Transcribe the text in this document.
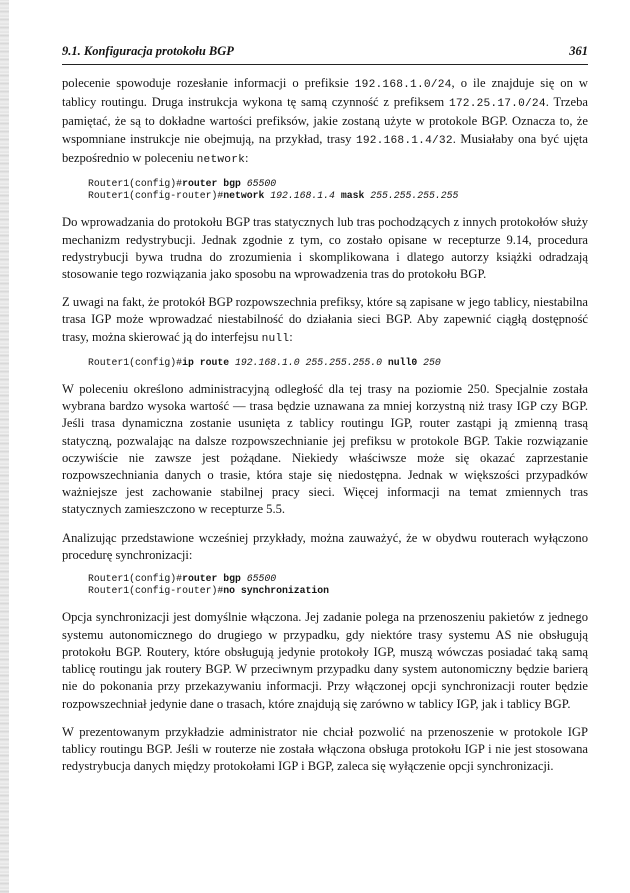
9.1. Konfiguracja protokołu BGP	361

polecenie spowoduje rozesłanie informacji o prefiksie 192.168.1.0/24, o ile znajduje się on w tablicy routingu. Druga instrukcja wykona tę samą czynność z prefiksem 172.25.17.0/24. Trzeba pamiętać, że są to dokładne wartości prefiksów, jakie zostaną użyte w protokole BGP. Oznacza to, że wspomniane instrukcje nie obejmują, na przykład, trasy 192.168.1.4/32. Musiałaby ona być ujęta bezpośrednio w poleceniu network:

Router1(config)#router bgp 65500
Router1(config-router)#network 192.168.1.4 mask 255.255.255.255

Do wprowadzania do protokołu BGP tras statycznych lub tras pochodzących z innych protokołów służy mechanizm redystrybucji. Jednak zgodnie z tym, co zostało opisane w recepturze 9.14, procedura redystrybucji bywa trudna do zrozumienia i skomplikowana i dlatego autorzy książki odradzają stosowanie tego rozwiązania jako sposobu na wprowadzenia tras do protokołu BGP.

Z uwagi na fakt, że protokół BGP rozpowszechnia prefiksy, które są zapisane w jego tablicy, niestabilna trasa IGP może wprowadzać niestabilność do działania sieci BGP. Aby zapewnić ciągłą dostępność trasy, można skierować ją do interfejsu null:

Router1(config)#ip route 192.168.1.0 255.255.255.0 null0 250

W poleceniu określono administracyjną odległość dla tej trasy na poziomie 250. Specjalnie została wybrana bardzo wysoka wartość — trasa będzie uznawana za mniej korzystną niż trasy IGP czy BGP. Jeśli trasa dynamiczna zostanie usunięta z tablicy routingu IGP, router zastąpi ją zmienną trasą statyczną, pozwalając na dalsze rozpowszechnianie jej prefiksu w protokole BGP. Takie rozwiązanie oczywiście nie zawsze jest pożądane. Niekiedy właściwsze może się okazać zaprzestanie rozpowszechniania danych o trasie, która staje się niedostępna. Jednak w większości przypadków ważniejsze jest zachowanie stabilnej pracy sieci. Więcej informacji na temat zmiennych tras statycznych zamieszczono w recepturze 5.5.

Analizując przedstawione wcześniej przykłady, można zauważyć, że w obydwu routerach wyłączono procedurę synchronizacji:

Router1(config)#router bgp 65500
Router1(config-router)#no synchronization

Opcja synchronizacji jest domyślnie włączona. Jej zadanie polega na przenoszeniu pakietów z jednego systemu autonomicznego do drugiego w przypadku, gdy niektóre trasy systemu AS nie obsługują protokołu BGP. Routery, które obsługują jedynie protokoły IGP, muszą wówczas posiadać taką samą tablicę routingu jak routery BGP. W przeciwnym przypadku dany system autonomiczny będzie barierą nie do pokonania przy przekazywaniu informacji. Przy włączonej opcji synchronizacji router będzie rozpowszechniał jedynie dane o trasach, które znajdują się zarówno w tablicy IGP, jak i tablicy BGP.

W prezentowanym przykładzie administrator nie chciał pozwolić na przenoszenie w protokole IGP tablicy routingu BGP. Jeśli w routerze nie została włączona obsługa protokołu IGP i nie jest stosowana redystrybucja danych między protokołami IGP i BGP, zaleca się wyłączenie opcji synchronizacji.
